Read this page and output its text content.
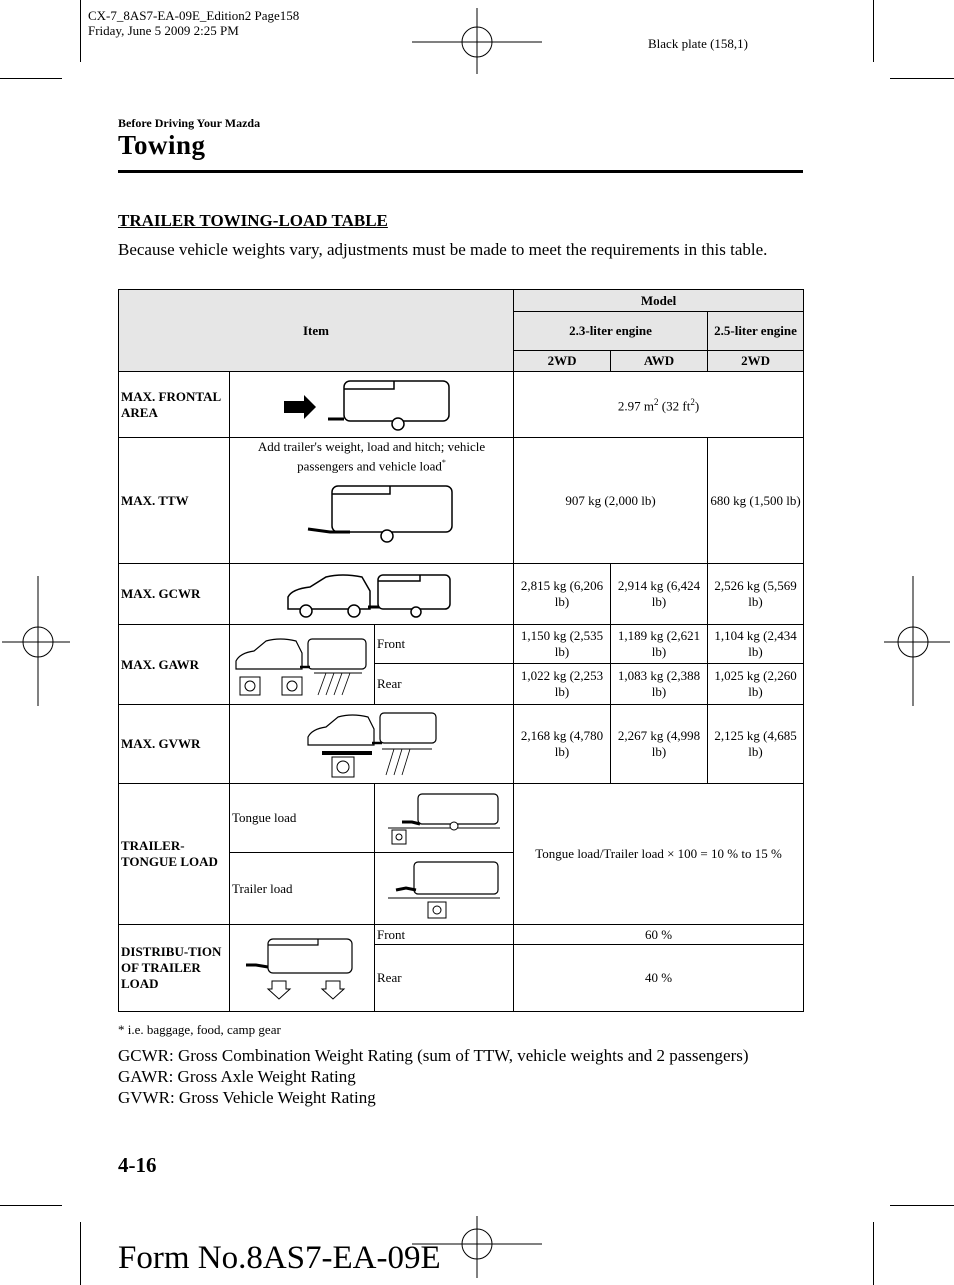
CX-7_8AS7-EA-09E_Edition2 Page158
Friday, June 5 2009 2:25 PM
Black plate (158,1)
Before Driving Your Mazda
Towing
TRAILER TOWING-LOAD TABLE
Because vehicle weights vary, adjustments must be made to meet the requirements in this table.
Item			Model		
			2.3-liter engine		2.5-liter engine
			2WD	AWD	2WD
MAX. FRONTAL AREA			2.97 $m^2$ (32 $ft^2$)		
MAX. TTW	Add trailer's weight, load and hitch; vehicle passengers and vehicle load*		907 kg (2,000 lb)		680 kg (1,500 lb)
MAX. GCWR			2,815 kg (6,206 lb)	2,914 kg (6,424 lb)	2,526 kg (5,569 lb)
MAX. GAWR		Front	1,150 kg (2,535 lb)	1,189 kg (2,621 lb)	1,104 kg (2,434 lb)
		Rear	1,022 kg (2,253 lb)	1,083 kg (2,388 lb)	1,025 kg (2,260 lb)
MAX. GVWR			2,168 kg (4,780 lb)	2,267 kg (4,998 lb)	2,125 kg (4,685 lb)
TRAILER-TONGUE LOAD	Tongue load		Tongue load/Trailer load × 100 = 10 % to 15 %		
	Trailer load	

DISTRIBU-TION OF TRAILER LOAD		Front	60 %		
		Rear	40 %		
* i.e. baggage, food, camp gear
GCWR: Gross Combination Weight Rating (sum of TTW, vehicle weights and 2 passengers)
GAWR: Gross Axle Weight Rating
GVWR: Gross Vehicle Weight Rating
4-16
Form No.8AS7-EA-09E
